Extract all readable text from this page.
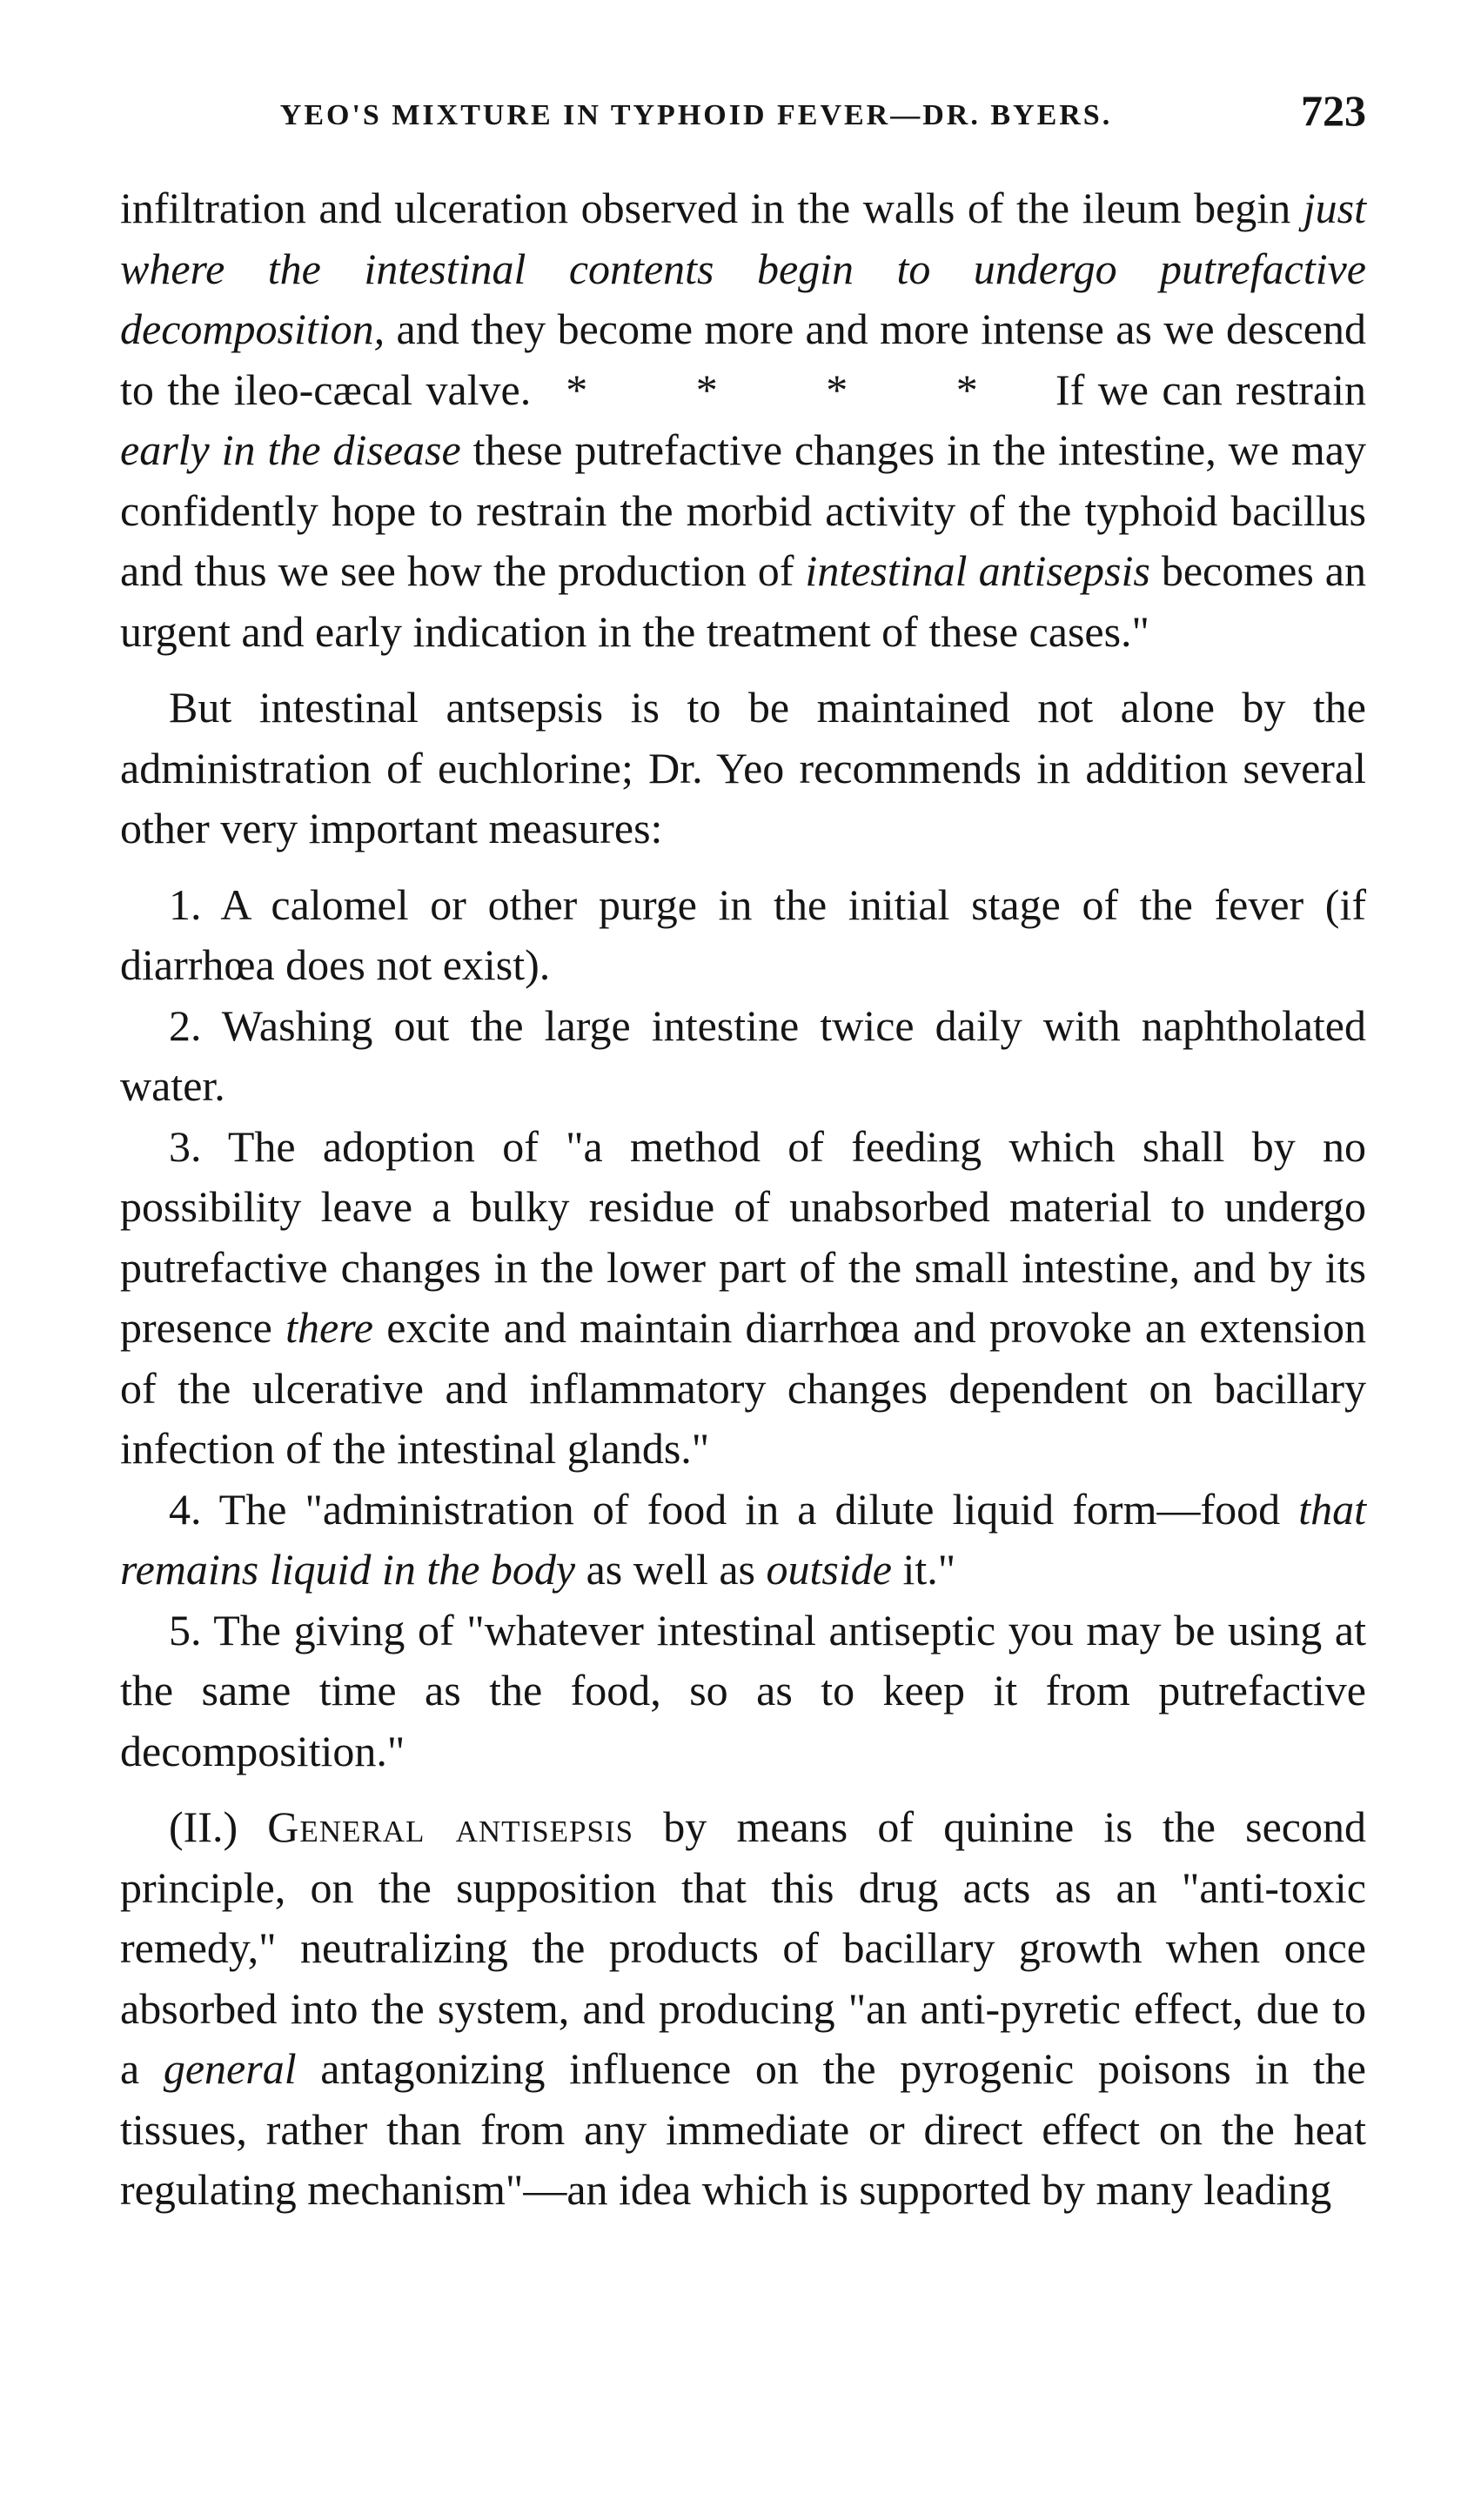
YEO'S MIXTURE IN TYPHOID FEVER—DR. BYERS.	723

infiltration and ulceration observed in the walls of the ileum begin just where the intestinal contents begin to undergo putrefactive decomposition, and they become more and more intense as we descend to the ileo-cæcal valve. * * * * If we can restrain early in the disease these putrefactive changes in the intestine, we may confidently hope to restrain the morbid activity of the typhoid bacillus and thus we see how the production of intestinal antisepsis becomes an urgent and early indication in the treatment of these cases."

But intestinal antsepsis is to be maintained not alone by the administration of euchlorine; Dr. Yeo recommends in addition several other very important measures:

1. A calomel or other purge in the initial stage of the fever (if diarrhœa does not exist).

2. Washing out the large intestine twice daily with naphtholated water.

3. The adoption of "a method of feeding which shall by no possibility leave a bulky residue of unabsorbed material to undergo putrefactive changes in the lower part of the small intestine, and by its presence there excite and maintain diarrhœa and provoke an extension of the ulcerative and inflammatory changes dependent on bacillary infection of the intestinal glands."

4. The "administration of food in a dilute liquid form—food that remains liquid in the body as well as outside it."

5. The giving of "whatever intestinal antiseptic you may be using at the same time as the food, so as to keep it from putrefactive decomposition."

(II.) General antisepsis by means of quinine is the second principle, on the supposition that this drug acts as an "anti-toxic remedy," neutralizing the products of bacillary growth when once absorbed into the system, and producing "an anti-pyretic effect, due to a general antagonizing influence on the pyrogenic poisons in the tissues, rather than from any immediate or direct effect on the heat regulating mechanism"—an idea which is supported by many leading
